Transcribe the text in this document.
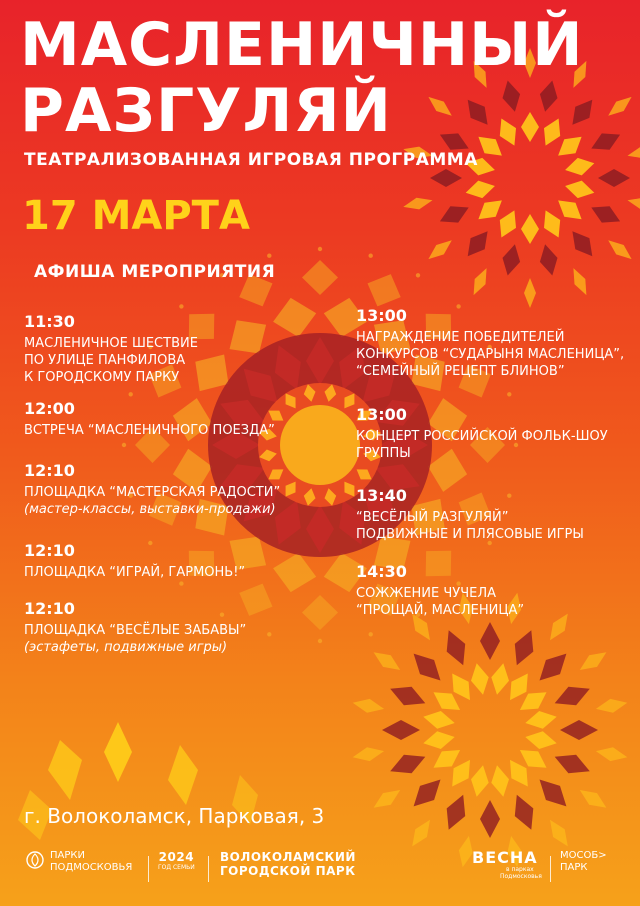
МАСЛЕНИЧНЫЙ
РАЗГУЛЯЙ
ТЕАТРАЛИЗОВАННАЯ ИГРОВАЯ ПРОГРАММА
17 МАРТА
АФИША МЕРОПРИЯТИЯ
11:30
МАСЛЕНИЧНОЕ ШЕСТВИЕ
ПО УЛИЦЕ ПАНФИЛОВА
К ГОРОДСКОМУ ПАРКУ
12:00
ВСТРЕЧА “МАСЛЕНИЧНОГО ПОЕЗДА”
12:10
ПЛОЩАДКА “МАСТЕРСКАЯ РАДОСТИ”
(мастер-классы, выставки-продажи)
12:10
ПЛОЩАДКА “ИГРАЙ, ГАРМОНЬ!”
12:10
ПЛОЩАДКА “ВЕСЁЛЫЕ ЗАБАВЫ”
(эстафеты, подвижные игры)
13:00
НАГРАЖДЕНИЕ ПОБЕДИТЕЛЕЙ
КОНКУРСОВ “СУДАРЫНЯ МАСЛЕНИЦА”,
“СЕМЕЙНЫЙ РЕЦЕПТ БЛИНОВ”
13:00
КОНЦЕРТ РОССИЙСКОЙ ФОЛЬК-ШОУ
ГРУППЫ
13:40
“ВЕСЁЛЫЙ РАЗГУЛЯЙ”
ПОДВИЖНЫЕ И ПЛЯСОВЫЕ ИГРЫ
14:30
СОЖЖЕНИЕ ЧУЧЕЛА
“ПРОЩАЙ, МАСЛЕНИЦА”
г. Волоколамск, Парковая, 3
ПАРКИ
ПОДМОСКОВЬЯ
2024
ГОД СЕМЬИ
ВОЛОКОЛАМСКИЙ
ГОРОДСКОЙ ПАРК
ВЕСНА
в парках
Подмосковья
МОСОБ>
ПАРК
